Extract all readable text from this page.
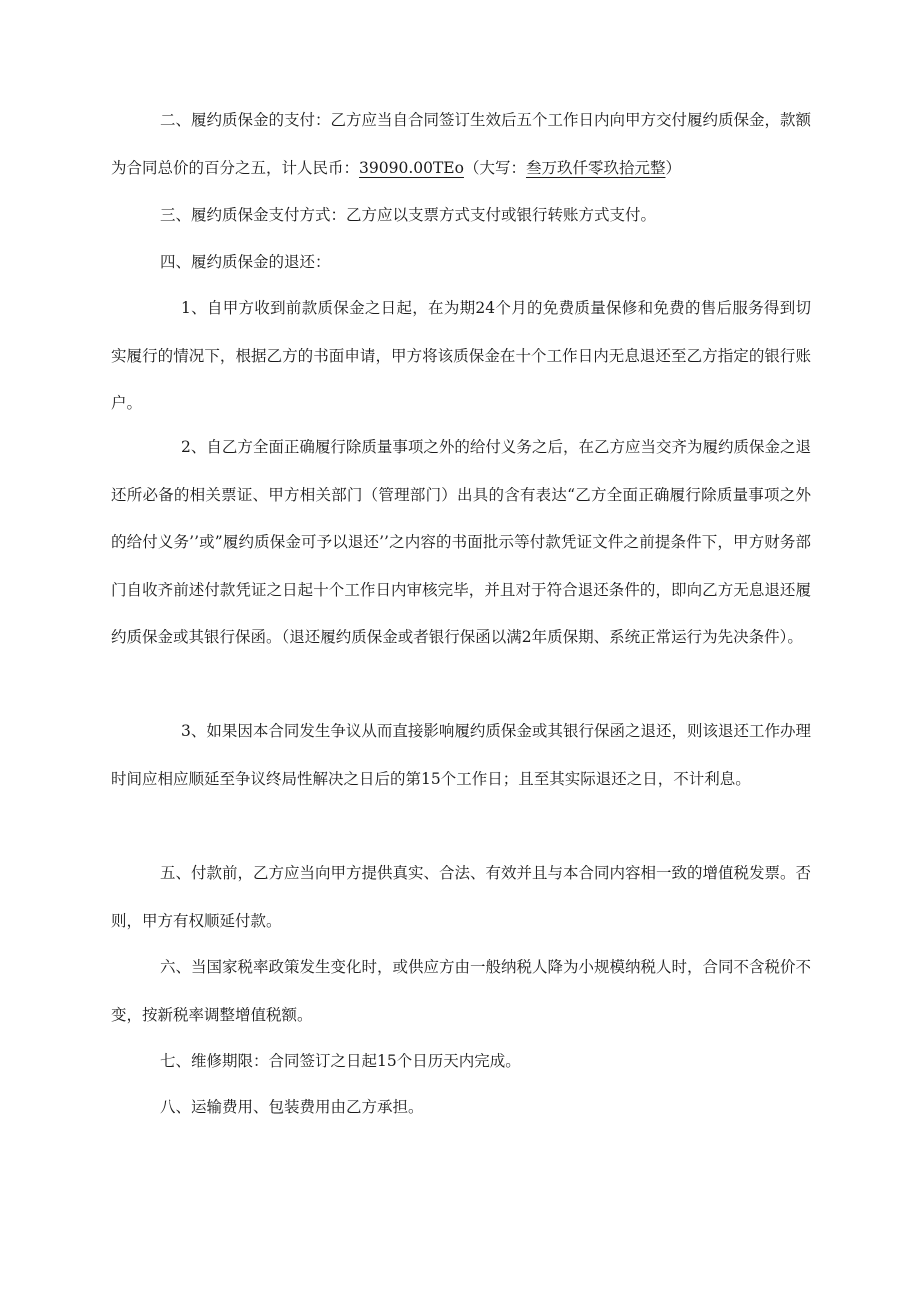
二、履约质保金的支付：乙方应当自合同签订生效后五个工作日内向甲方交付履约质保金，款额为合同总价的百分之五，计人民币：39090.00TEo（大写：叁万玖仟零玖拾元整）

三、履约质保金支付方式：乙方应以支票方式支付或银行转账方式支付。

四、履约质保金的退还：

1、自甲方收到前款质保金之日起，在为期24个月的免费质量保修和免费的售后服务得到切实履行的情况下，根据乙方的书面申请，甲方将该质保金在十个工作日内无息退还至乙方指定的银行账户。

2、自乙方全面正确履行除质量事项之外的给付义务之后，在乙方应当交齐为履约质保金之退还所必备的相关票证、甲方相关部门（管理部门）出具的含有表达“乙方全面正确履行除质量事项之外的给付义务’’或”履约质保金可予以退还’’之内容的书面批示等付款凭证文件之前提条件下，甲方财务部门自收齐前述付款凭证之日起十个工作日内审核完毕，并且对于符合退还条件的，即向乙方无息退还履约质保金或其银行保函。（退还履约质保金或者银行保函以满2年质保期、系统正常运行为先决条件）。

3、如果因本合同发生争议从而直接影响履约质保金或其银行保函之退还，则该退还工作办理时间应相应顺延至争议终局性解决之日后的第15个工作日；且至其实际退还之日，不计利息。

五、付款前，乙方应当向甲方提供真实、合法、有效并且与本合同内容相一致的增值税发票。否则，甲方有权顺延付款。

六、当国家税率政策发生变化时，或供应方由一般纳税人降为小规模纳税人时，合同不含税价不变，按新税率调整增值税额。

七、维修期限：合同签订之日起15个日历天内完成。

八、运输费用、包装费用由乙方承担。
